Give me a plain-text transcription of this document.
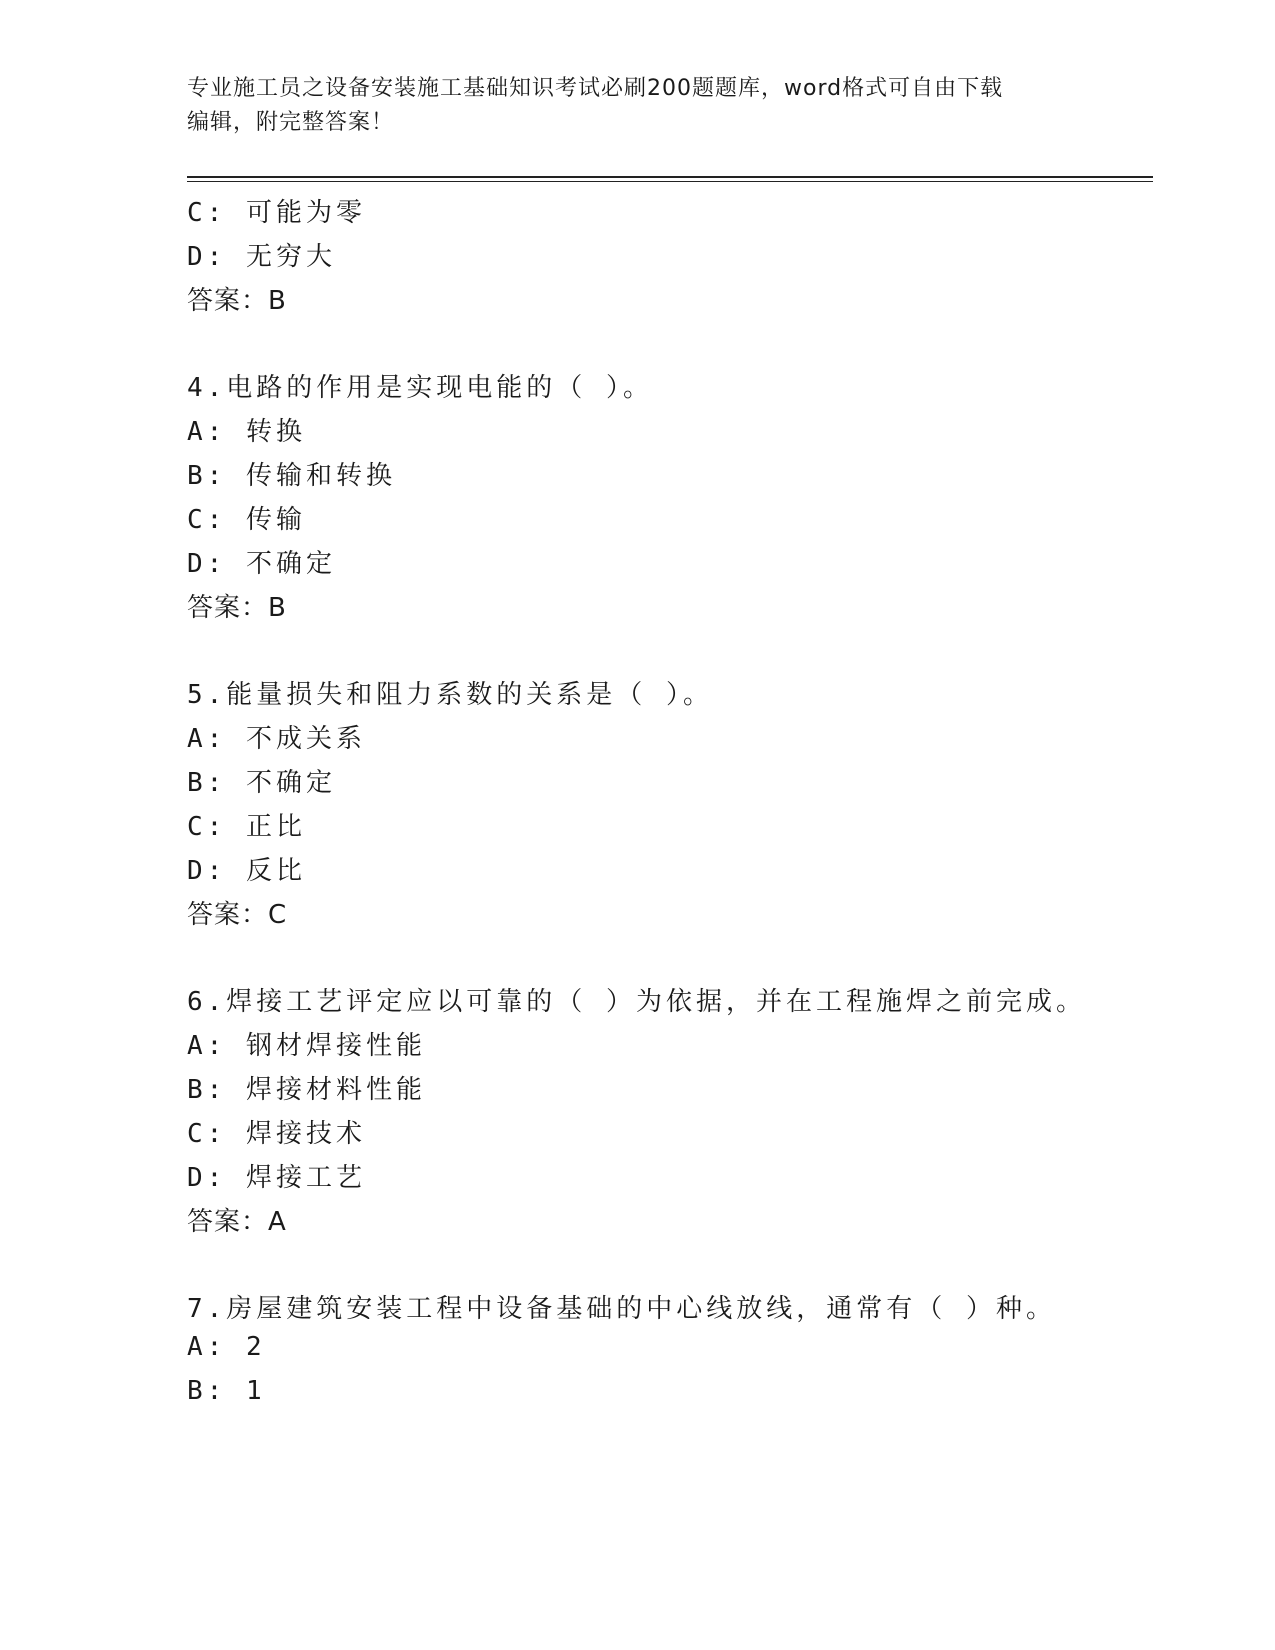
专业施工员之设备安装施工基础知识考试必刷200题题库，word格式可自由下载
编辑，附完整答案！
C: 可能为零
D: 无穷大
答案：B
4.电路的作用是实现电能的（ ）。
A: 转换
B: 传输和转换
C: 传输
D: 不确定
答案：B
5.能量损失和阻力系数的关系是（ ）。
A: 不成关系
B: 不确定
C: 正比
D: 反比
答案：C
6.焊接工艺评定应以可靠的（ ）为依据，并在工程施焊之前完成。
A: 钢材焊接性能
B: 焊接材料性能
C: 焊接技术
D: 焊接工艺
答案：A
7.房屋建筑安装工程中设备基础的中心线放线，通常有（ ）种。
A: 2
B: 1
